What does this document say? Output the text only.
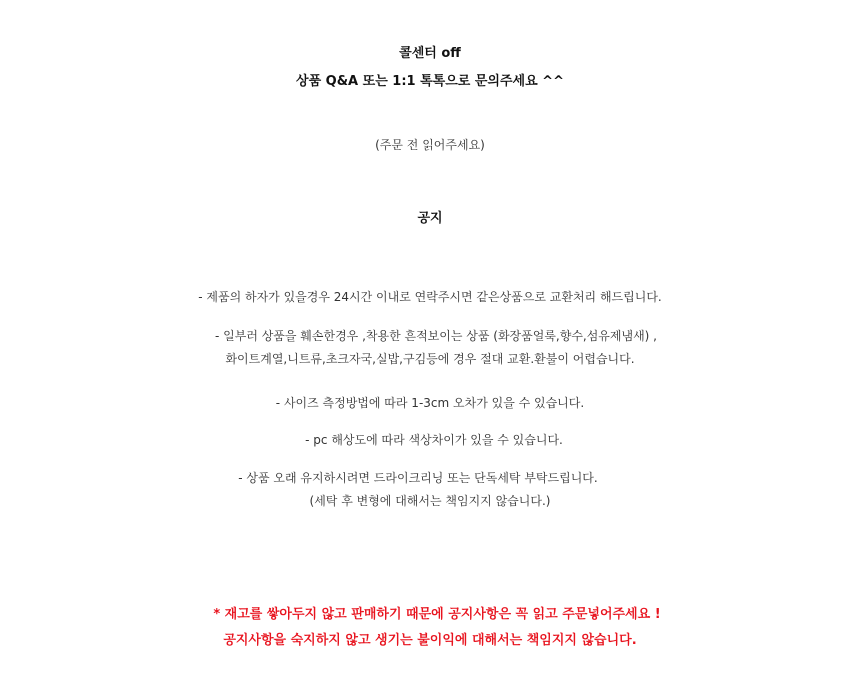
콜센터 off
상품 Q&A 또는 1:1 톡톡으로 문의주세요 ^^
(주문 전 읽어주세요)
공지
- 제품의 하자가 있을경우 24시간 이내로 연락주시면 같은상품으로 교환처리 해드립니다.
- 일부러 상품을 훼손한경우 ,착용한 흔적보이는 상품 (화장품얼룩,향수,섬유제냄새) ,
화이트계열,니트류,초크자국,실밥,구김등에 경우 절대 교환.환불이 어렵습니다.
- 사이즈 측정방법에 따라 1-3cm 오차가 있을 수 있습니다.
- pc 해상도에 따라 색상차이가 있을 수 있습니다.
- 상품 오래 유지하시려면 드라이크리닝 또는 단독세탁 부탁드립니다.
(세탁 후 변형에 대해서는 책임지지 않습니다.)
* 재고를 쌓아두지 않고 판매하기 때문에 공지사항은 꼭 읽고 주문넣어주세요 !
공지사항을 숙지하지 않고 생기는 불이익에 대해서는 책임지지 않습니다.
